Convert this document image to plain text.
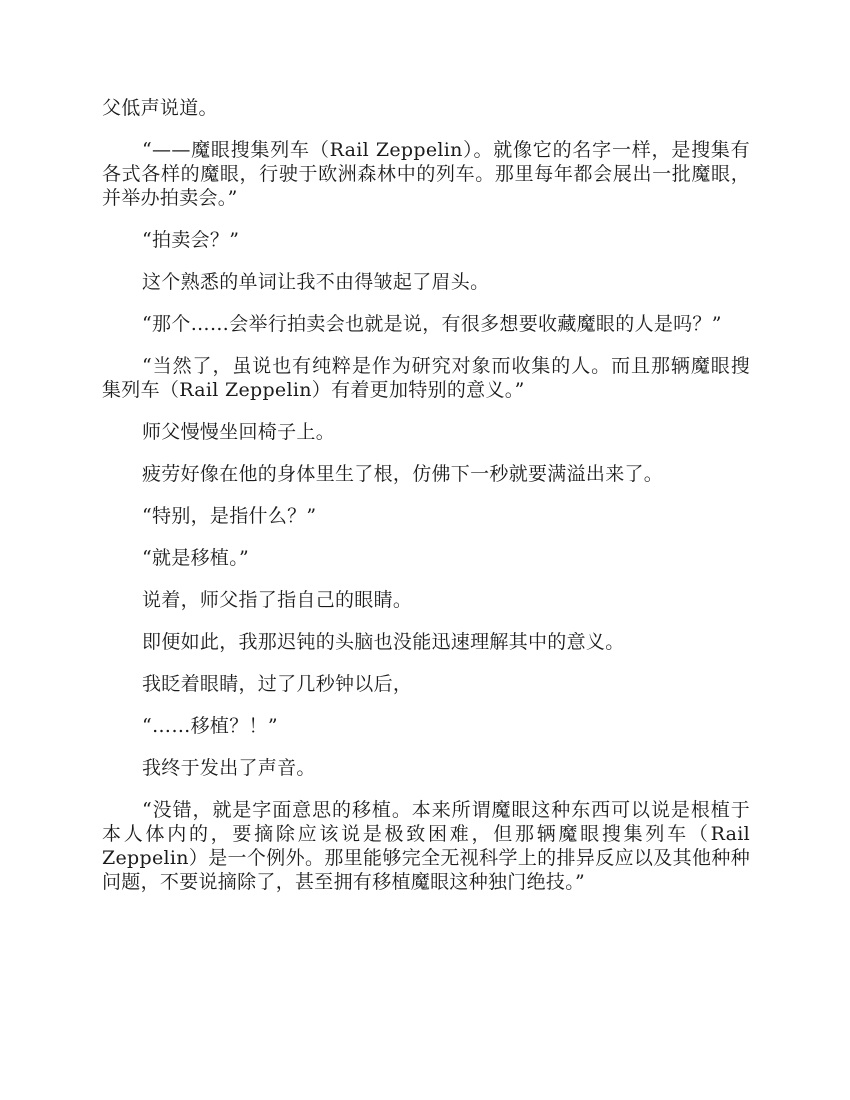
父低声说道。

“——魔眼搜集列车（Rail Zeppelin）。就像它的名字一样，是搜集有各式各样的魔眼，行驶于欧洲森林中的列车。那里每年都会展出一批魔眼，并举办拍卖会。”

“拍卖会？”

这个熟悉的单词让我不由得皱起了眉头。

“那个……会举行拍卖会也就是说，有很多想要收藏魔眼的人是吗？”

“当然了，虽说也有纯粹是作为研究对象而收集的人。而且那辆魔眼搜集列车（Rail Zeppelin）有着更加特别的意义。”

师父慢慢坐回椅子上。

疲劳好像在他的身体里生了根，仿佛下一秒就要满溢出来了。

“特别，是指什么？”

“就是移植。”

说着，师父指了指自己的眼睛。

即便如此，我那迟钝的头脑也没能迅速理解其中的意义。

我眨着眼睛，过了几秒钟以后，

“……移植？！”

我终于发出了声音。

“没错，就是字面意思的移植。本来所谓魔眼这种东西可以说是根植于本人体内的，要摘除应该说是极致困难，但那辆魔眼搜集列车（Rail Zeppelin）是一个例外。那里能够完全无视科学上的排异反应以及其他种种问题，不要说摘除了，甚至拥有移植魔眼这种独门绝技。”
